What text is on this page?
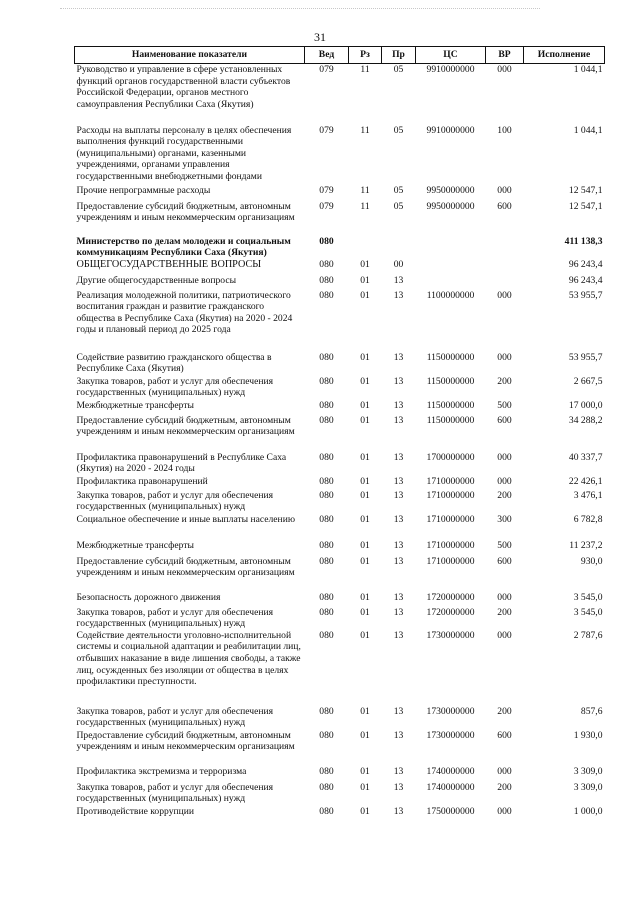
31
Наименование показатели	Вед	Рз	Пр	ЦС	ВР	Исполнение
Руководство и управление в сфере установленных функций органов государственной власти субъектов Российской Федерации, органов местного самоуправления Республики Саха (Якутия)	079	11	05	9910000000	000	1 044,1
Расходы на выплаты персоналу в целях обеспечения выполнения функций государственными (муниципальными) органами, казенными учреждениями, органами управления государственными внебюджетными фондами	079	11	05	9910000000	100	1 044,1
Прочие непрограммные расходы	079	11	05	9950000000	000	12 547,1
Предоставление субсидий бюджетным, автономным учреждениям и иным некоммерческим организациям	079	11	05	9950000000	600	12 547,1
Министерство по делам молодежи и социальным коммуникациям Республики Саха (Якутия)	080					411 138,3
ОБЩЕГОСУДАРСТВЕННЫЕ ВОПРОСЫ	080	01	00			96 243,4
Другие общегосударственные вопросы	080	01	13			96 243,4
Реализация молодежной политики, патриотического воспитания граждан и развитие гражданского общества в Республике Саха (Якутия) на 2020 - 2024 годы и плановый период до 2025 года	080	01	13	1100000000	000	53 955,7
Содействие развитию гражданского общества в Республике Саха (Якутия)	080	01	13	1150000000	000	53 955,7
Закупка товаров, работ и услуг для обеспечения государственных (муниципальных) нужд	080	01	13	1150000000	200	2 667,5
Межбюджетные трансферты	080	01	13	1150000000	500	17 000,0
Предоставление субсидий бюджетным, автономным учреждениям и иным некоммерческим организациям	080	01	13	1150000000	600	34 288,2
Профилактика правонарушений в Республике Саха (Якутия) на 2020 - 2024 годы	080	01	13	1700000000	000	40 337,7
Профилактика правонарушений	080	01	13	1710000000	000	22 426,1
Закупка товаров, работ и услуг для обеспечения государственных (муниципальных) нужд	080	01	13	1710000000	200	3 476,1
Социальное обеспечение и иные выплаты населению	080	01	13	1710000000	300	6 782,8
Межбюджетные трансферты	080	01	13	1710000000	500	11 237,2
Предоставление субсидий бюджетным, автономным учреждениям и иным некоммерческим организациям	080	01	13	1710000000	600	930,0
Безопасность дорожного движения	080	01	13	1720000000	000	3 545,0
Закупка товаров, работ и услуг для обеспечения государственных (муниципальных) нужд	080	01	13	1720000000	200	3 545,0
Содействие деятельности уголовно-исполнительной системы и социальной адаптации и реабилитации лиц, отбывших наказание в виде лишения свободы, а также лиц, осужденных без изоляции от общества в целях профилактики преступности.	080	01	13	1730000000	000	2 787,6
Закупка товаров, работ и услуг для обеспечения государственных (муниципальных) нужд	080	01	13	1730000000	200	857,6
Предоставление субсидий бюджетным, автономным учреждениям и иным некоммерческим организациям	080	01	13	1730000000	600	1 930,0
Профилактика экстремизма и терроризма	080	01	13	1740000000	000	3 309,0
Закупка товаров, работ и услуг для обеспечения государственных (муниципальных) нужд	080	01	13	1740000000	200	3 309,0
Противодействие коррупции	080	01	13	1750000000	000	1 000,0
